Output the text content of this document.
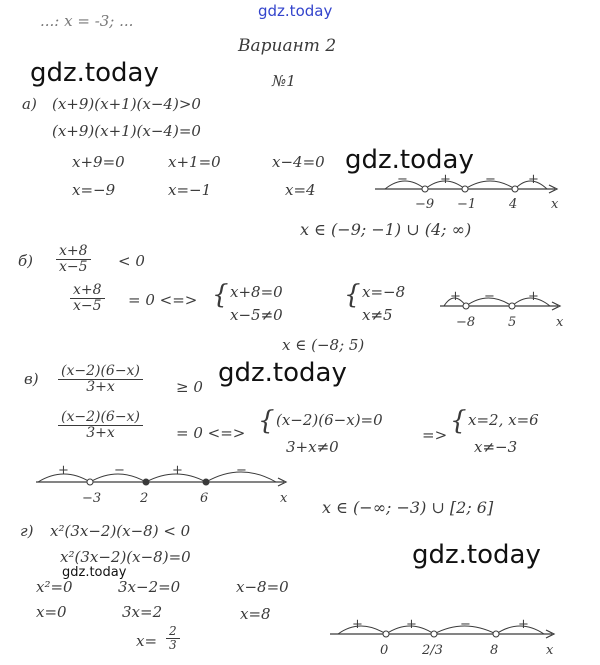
gdz.today
gdz.today
gdz.today
gdz.today
gdz.today
gdz.today
...: x = -3; ...
Вариант 2
№1
а) (x+9)(x+1)(x−4)>0
(x+9)(x+1)(x−4)=0
x+9=0
x=−9
x+1=0
x=−1
x−4=0
x=4
− +	− +
−9 −1	4	x
x ∈ (−9; −1) ∪ (4; ∞)
б)
x+8
x−5 < 0
x+8
x−5 = 0 <=> { x+8=0
x−5≠0
{ x=−8
x≠5
+ −	+
−8	5	x
x ∈ (−8; 5)
в) (x−2)(6−x)
3+x	≥ 0
(x−2)(6−x)
3+x	= 0 <=> { (x−2)(6−x)=0
3+x≠0
=> { x=2, x=6
x≠−3
+	−	+	−
−3	2	6	x x ∈ (−∞; −3) ∪ [2; 6]
г) x²(3x−2)(x−8) < 0
x²(3x−2)(x−8)=0
x²=0
x=0
3x−2=0
3x=2
x=
2
3
x−8=0
x=8
+	+	−	+
0	2/3	8	x
